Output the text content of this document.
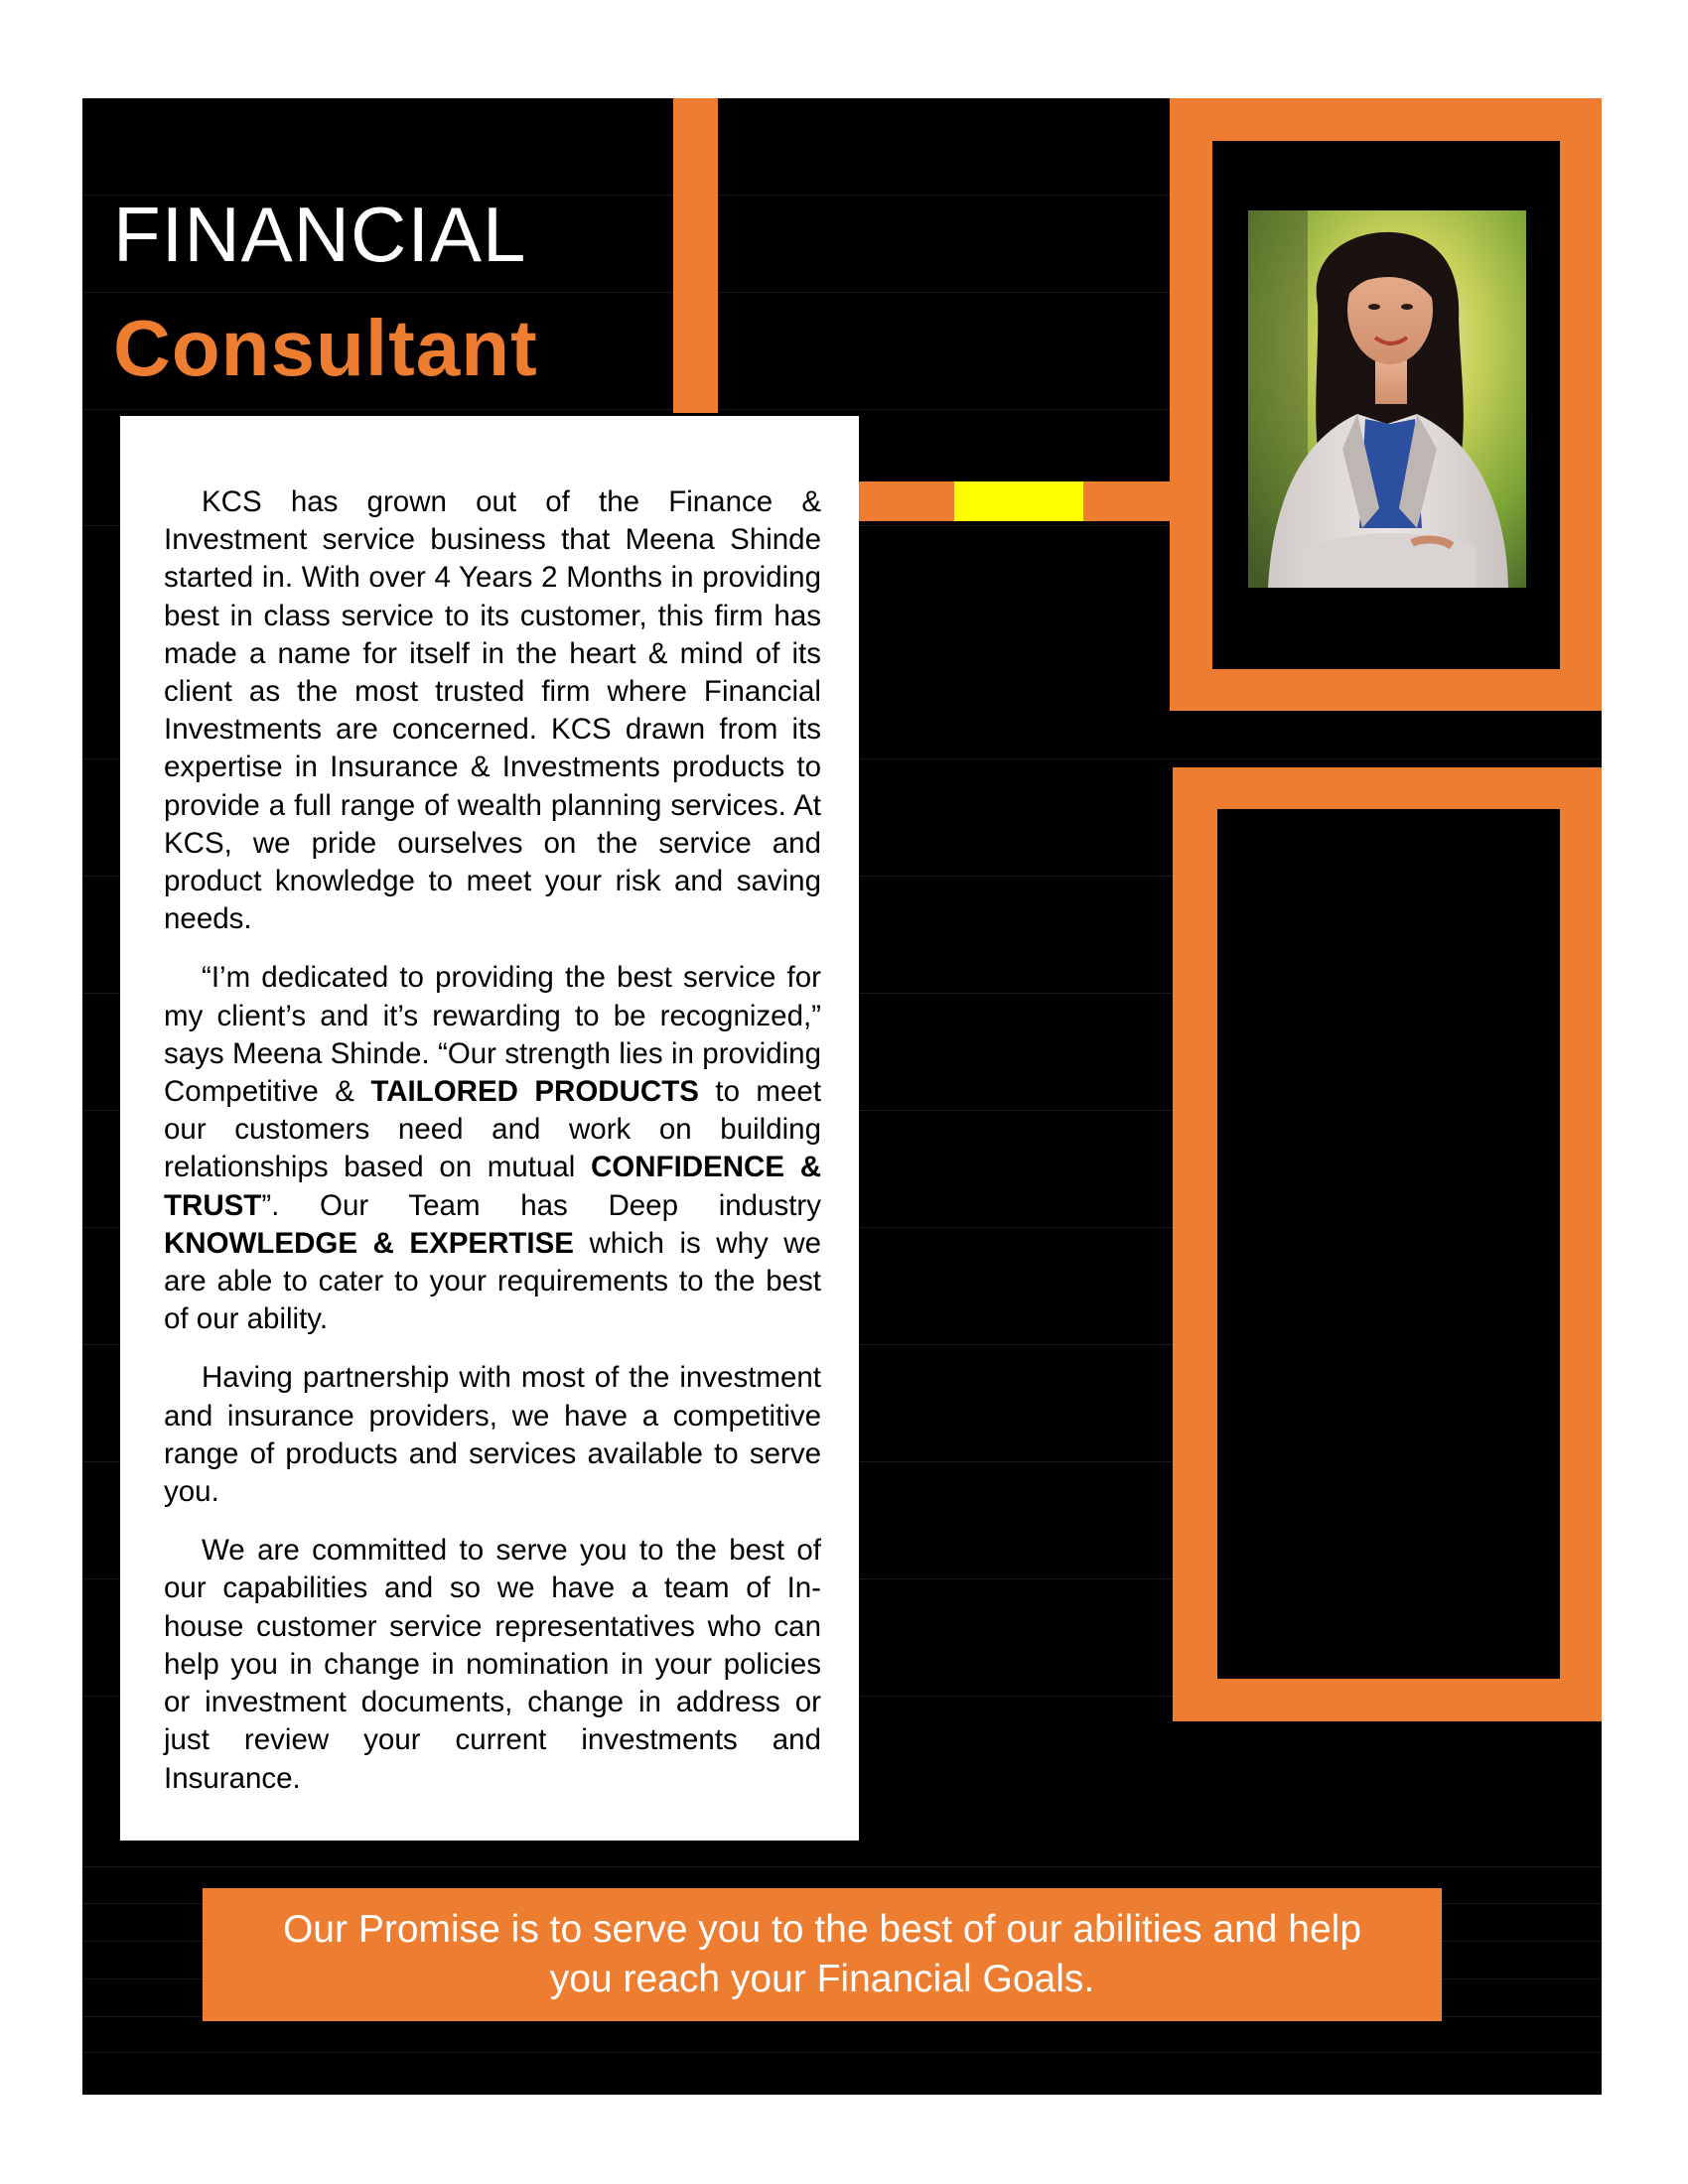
FINANCIAL
Consultant

KCS has grown out of the Finance & Investment service business that Meena Shinde started in. With over 4 Years 2 Months in providing best in class service to its customer, this firm has made a name for itself in the heart & mind of its client as the most trusted firm where Financial Investments are concerned. KCS drawn from its expertise in Insurance & Investments products to provide a full range of wealth planning services. At KCS, we pride ourselves on the service and product knowledge to meet your risk and saving needs.

“I’m dedicated to providing the best service for my client’s and it’s rewarding to be recognized,” says Meena Shinde. “Our strength lies in providing Competitive & TAILORED PRODUCTS to meet our customers need and work on building relationships based on mutual CONFIDENCE & TRUST”. Our Team has Deep industry KNOWLEDGE & EXPERTISE which is why we are able to cater to your requirements to the best of our ability.

Having partnership with most of the investment and insurance providers, we have a competitive range of products and services available to serve you.

We are committed to serve you to the best of our capabilities and so we have a team of In-house customer service representatives who can help you in change in nomination in your policies or investment documents, change in address or just review your current investments and Insurance.

Our Promise is to serve you to the best of our abilities and help you reach your Financial Goals.
